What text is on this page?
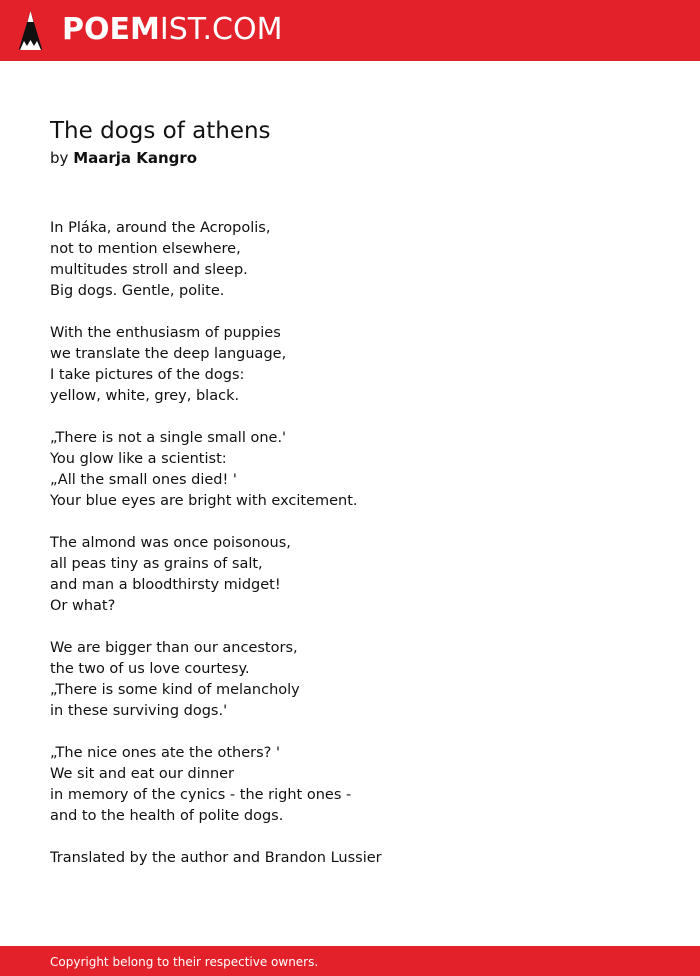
POEMIST.COM
The dogs of athens
by Maarja Kangro
In Pláka, around the Acropolis,
not to mention elsewhere,
multitudes stroll and sleep.
Big dogs. Gentle, polite.
With the enthusiasm of puppies
we translate the deep language,
I take pictures of the dogs:
yellow, white, grey, black.
„There is not a single small one.'
You glow like a scientist:
„All the small ones died! '
Your blue eyes are bright with excitement.
The almond was once poisonous,
all peas tiny as grains of salt,
and man a bloodthirsty midget!
Or what?
We are bigger than our ancestors,
the two of us love courtesy.
„There is some kind of melancholy
in these surviving dogs.'
„The nice ones ate the others? '
We sit and eat our dinner
in memory of the cynics - the right ones -
and to the health of polite dogs.
Translated by the author and Brandon Lussier
Copyright belong to their respective owners.
